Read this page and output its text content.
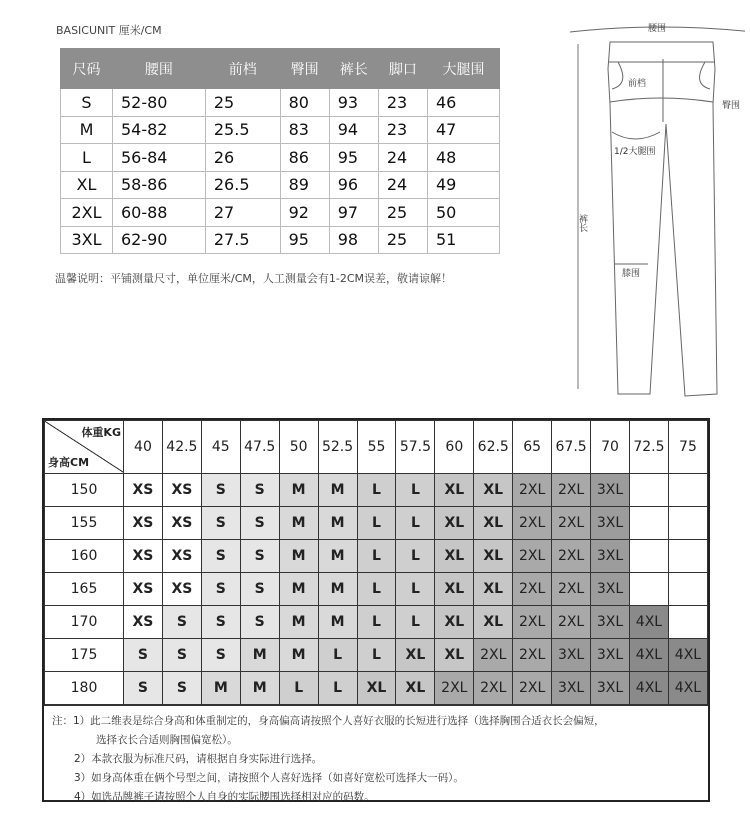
BASICUNIT 厘米/CM
尺码	腰围	前档	臀围	裤长	脚口	大腿围
S	52-80	25	80	93	23	46
M	54-82	25.5	83	94	23	47
L	56-84	26	86	95	24	48
XL	58-86	26.5	89	96	24	49
2XL	60-88	27	92	97	25	50
3XL	62-90	27.5	95	98	25	51
温馨说明：平铺测量尺寸，单位厘米/CM，人工测量会有1-2CM误差，敬请谅解！
腰围
前档
臀围
1/2大腿围
裤长
膝围
体重KG
身高CM	40	42.5	45	47.5	50	52.5	55	57.5	60	62.5	65	67.5	70	72.5	75
150	XS	XS	S	S	M	M	L	L	XL	XL	2XL	2XL	3XL		
155	XS	XS	S	S	M	M	L	L	XL	XL	2XL	2XL	3XL		
160	XS	XS	S	S	M	M	L	L	XL	XL	2XL	2XL	3XL		
165	XS	XS	S	S	M	M	L	L	XL	XL	2XL	2XL	3XL		
170	XS	S	S	S	M	M	L	L	XL	XL	2XL	2XL	3XL	4XL	
175	S	S	S	M	M	L	L	XL	XL	2XL	2XL	3XL	3XL	4XL	4XL
180	S	S	M	M	L	L	XL	XL	2XL	2XL	2XL	3XL	3XL	4XL	4XL
注：1）此二维表是综合身高和体重制定的，身高偏高请按照个人喜好衣服的长短进行选择（选择胸围合适衣长会偏短，
选择衣长合适则胸围偏宽松）。
2）本款衣服为标准尺码，请根据自身实际进行选择。
3）如身高体重在俩个号型之间，请按照个人喜好选择（如喜好宽松可选择大一码）。
4）如选品牌裤子请按照个人自身的实际腰围选择相对应的码数。
